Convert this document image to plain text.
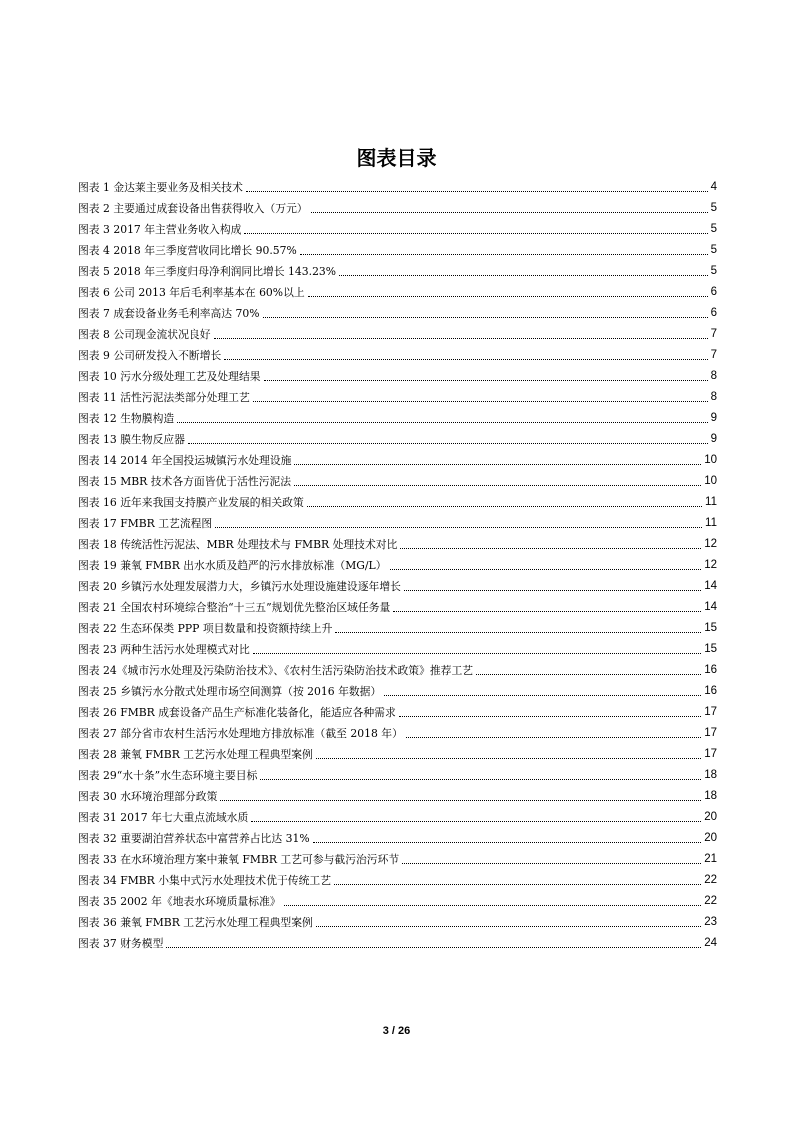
图表目录
图表 1 金达莱主要业务及相关技术	4
图表 2 主要通过成套设备出售获得收入（万元）	5
图表 3 2017 年主营业务收入构成	5
图表 4 2018 年三季度营收同比增长 90.57%	5
图表 5 2018 年三季度归母净利润同比增长 143.23%	5
图表 6 公司 2013 年后毛利率基本在 60%以上	6
图表 7 成套设备业务毛利率高达 70%	6
图表 8 公司现金流状况良好	7
图表 9 公司研发投入不断增长	7
图表 10 污水分级处理工艺及处理结果	8
图表 11 活性污泥法类部分处理工艺	8
图表 12 生物膜构造	9
图表 13 膜生物反应器	9
图表 14 2014 年全国投运城镇污水处理设施	10
图表 15 MBR 技术各方面皆优于活性污泥法	10
图表 16 近年来我国支持膜产业发展的相关政策	11
图表 17 FMBR 工艺流程图	11
图表 18 传统活性污泥法、MBR 处理技术与 FMBR 处理技术对比	12
图表 19 兼氧 FMBR 出水水质及趋严的污水排放标准（MG/L）	12
图表 20 乡镇污水处理发展潜力大，乡镇污水处理设施建设逐年增长	14
图表 21 全国农村环境综合整治“十三五”规划优先整治区域任务量	14
图表 22 生态环保类 PPP 项目数量和投资额持续上升	15
图表 23 两种生活污水处理模式对比	15
图表 24《城市污水处理及污染防治技术》、《农村生活污染防治技术政策》推荐工艺	16
图表 25 乡镇污水分散式处理市场空间测算（按 2016 年数据）	16
图表 26 FMBR 成套设备产品生产标准化装备化，能适应各种需求	17
图表 27 部分省市农村生活污水处理地方排放标准（截至 2018 年）	17
图表 28 兼氧 FMBR 工艺污水处理工程典型案例	17
图表 29“水十条”水生态环境主要目标	18
图表 30 水环境治理部分政策	18
图表 31 2017 年七大重点流域水质	20
图表 32 重要湖泊营养状态中富营养占比达 31%	20
图表 33 在水环境治理方案中兼氧 FMBR 工艺可参与截污治污环节	21
图表 34 FMBR 小集中式污水处理技术优于传统工艺	22
图表 35 2002 年《地表水环境质量标准》	22
图表 36 兼氧 FMBR 工艺污水处理工程典型案例	23
图表 37 财务模型	24
3 / 26
